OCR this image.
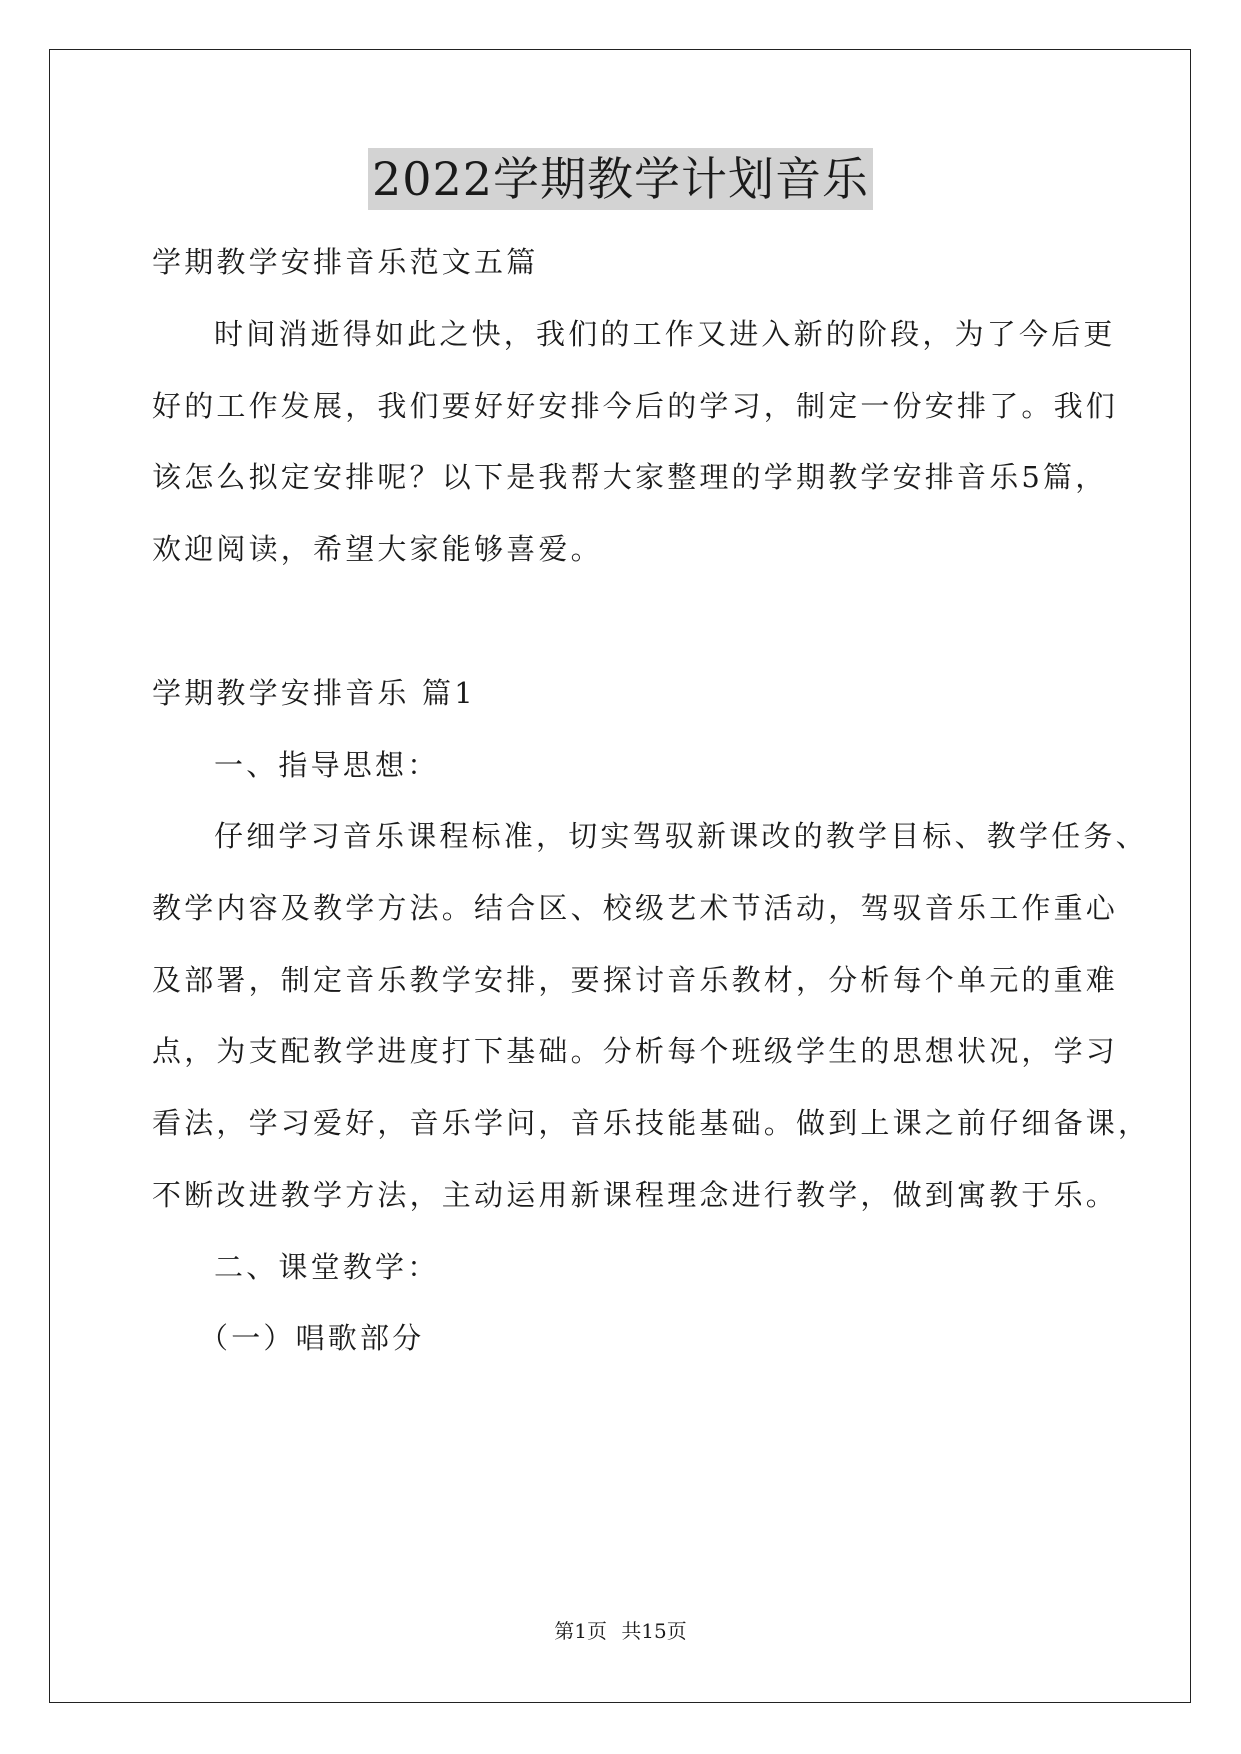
2022学期教学计划音乐
学期教学安排音乐范文五篇
时间消逝得如此之快，我们的工作又进入新的阶段，为了今后更
好的工作发展，我们要好好安排今后的学习，制定一份安排了。我们
该怎么拟定安排呢？以下是我帮大家整理的学期教学安排音乐5篇，
欢迎阅读，希望大家能够喜爱。
学期教学安排音乐 篇1
一、指导思想：
仔细学习音乐课程标准，切实驾驭新课改的教学目标、教学任务、
教学内容及教学方法。结合区、校级艺术节活动，驾驭音乐工作重心
及部署，制定音乐教学安排，要探讨音乐教材，分析每个单元的重难
点，为支配教学进度打下基础。分析每个班级学生的思想状况，学习
看法，学习爱好，音乐学问，音乐技能基础。做到上课之前仔细备课，
不断改进教学方法，主动运用新课程理念进行教学，做到寓教于乐。
二、课堂教学：
（一）唱歌部分
第1页 共15页
